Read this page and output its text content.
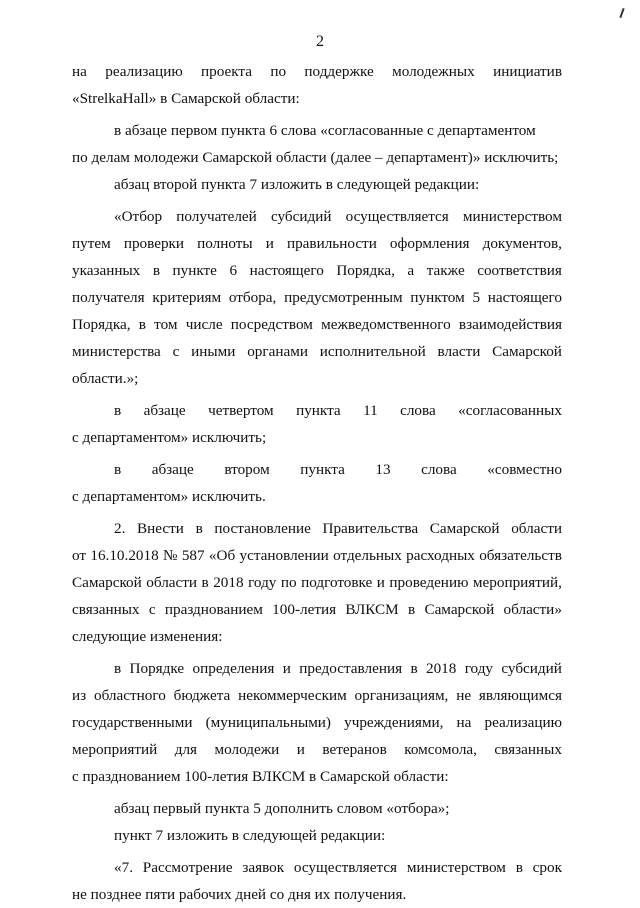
2
на реализацию проекта по поддержке молодежных инициатив
«StrelkaHall» в Самарской области:
в абзаце первом пункта 6 слова «согласованные с департаментом
по делам молодежи Самарской области (далее – департамент)» исключить;
абзац второй пункта 7 изложить в следующей редакции:
«Отбор получателей субсидий осуществляется министерством
путем проверки полноты и правильности оформления документов,
указанных в пункте 6 настоящего Порядка, а также соответствия
получателя критериям отбора, предусмотренным пунктом 5 настоящего
Порядка, в том числе посредством межведомственного взаимодействия
министерства с иными органами исполнительной власти Самарской
области.»;
в абзаце четвертом пункта 11 слова «согласованных
с департаментом» исключить;
в абзаце втором пункта 13 слова «совместно
с департаментом» исключить.
2. Внести в постановление Правительства Самарской области
от 16.10.2018 № 587 «Об установлении отдельных расходных обязательств
Самарской области в 2018 году по подготовке и проведению мероприятий,
связанных с празднованием 100-летия ВЛКСМ в Самарской области»
следующие изменения:
в Порядке определения и предоставления в 2018 году субсидий
из областного бюджета некоммерческим организациям, не являющимся
государственными (муниципальными) учреждениями, на реализацию
мероприятий для молодежи и ветеранов комсомола, связанных
с празднованием 100-летия ВЛКСМ в Самарской области:
абзац первый пункта 5 дополнить словом «отбора»;
пункт 7 изложить в следующей редакции:
«7. Рассмотрение заявок осуществляется министерством в срок
не позднее пяти рабочих дней со дня их получения.
